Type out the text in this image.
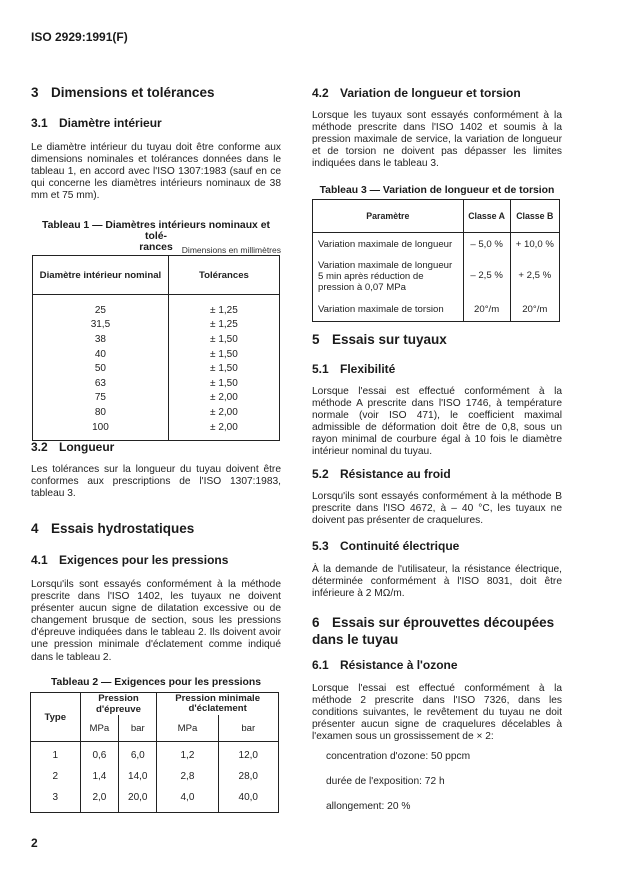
ISO 2929:1991(F)
2
3 Dimensions et tolérances
3.1 Diamètre intérieur
Le diamètre intérieur du tuyau doit être conforme aux dimensions nominales et tolérances données dans le tableau 1, en accord avec l'ISO 1307:1983 (sauf en ce qui concerne les diamètres intérieurs nominaux de 38 mm et 75 mm).
Tableau 1 — Diamètres intérieurs nominaux et tolé-
rances	Dimensions en millimètres
Diamètre intérieur nominal	Tolérances
25	± 1,25
31,5	± 1,25
38	± 1,50
40	± 1,50
50	± 1,50
63	± 1,50
75	± 2,00
80	± 2,00
100	± 2,00
3.2 Longueur
Les tolérances sur la longueur du tuyau doivent être conformes aux prescriptions de l'ISO 1307:1983, tableau 3.
4 Essais hydrostatiques
4.1 Exigences pour les pressions
Lorsqu'ils sont essayés conformément à la méthode prescrite dans l'ISO 1402, les tuyaux ne doivent présenter aucun signe de dilatation excessive ou de changement brusque de section, sous les pressions d'épreuve indiquées dans le tableau 2. Ils doivent avoir une pression minimale d'éclatement comme indiqué dans le tableau 2.
Tableau 2 — Exigences pour les pressions
Type	Pression d'épreuve		Pression minimale d'éclatement	
	MPa	bar	MPa	bar
1	0,6	6,0	1,2	12,0
2	1,4	14,0	2,8	28,0
3	2,0	20,0	4,0	40,0
4.2 Variation de longueur et torsion
Lorsque les tuyaux sont essayés conformément à la méthode prescrite dans l'ISO 1402 et soumis à la pression maximale de service, la variation de longueur et de torsion ne doivent pas dépasser les limites indiquées dans le tableau 3.
Tableau 3 — Variation de longueur et de torsion
Paramètre	Classe A	Classe B
Variation maximale de longueur	– 5,0 %	+ 10,0 %
Variation maximale de longueur 5 min après réduction de pression à 0,07 MPa	– 2,5 %	+ 2,5 %
Variation maximale de torsion	20°/m	20°/m
5 Essais sur tuyaux
5.1 Flexibilité
Lorsque l'essai est effectué conformément à la méthode A prescrite dans l'ISO 1746, à température normale (voir ISO 471), le coefficient maximal admissible de déformation doit être de 0,8, sous un rayon minimal de courbure égal à 10 fois le diamètre intérieur nominal du tuyau.
5.2 Résistance au froid
Lorsqu'ils sont essayés conformément à la méthode B prescrite dans l'ISO 4672, à – 40 °C, les tuyaux ne doivent pas présenter de craquelures.
5.3 Continuité électrique
À la demande de l'utilisateur, la résistance électrique, déterminée conformément à l'ISO 8031, doit être inférieure à 2 MΩ/m.
6 Essais sur éprouvettes découpées dans le tuyau
6.1 Résistance à l'ozone
Lorsque l'essai est effectué conformément à la méthode 2 prescrite dans l'ISO 7326, dans les conditions suivantes, le revêtement du tuyau ne doit présenter aucun signe de craquelures décelables à l'examen sous un grossissement de × 2:
concentration d'ozone: 50 ppcm
durée de l'exposition: 72 h
allongement: 20 %
